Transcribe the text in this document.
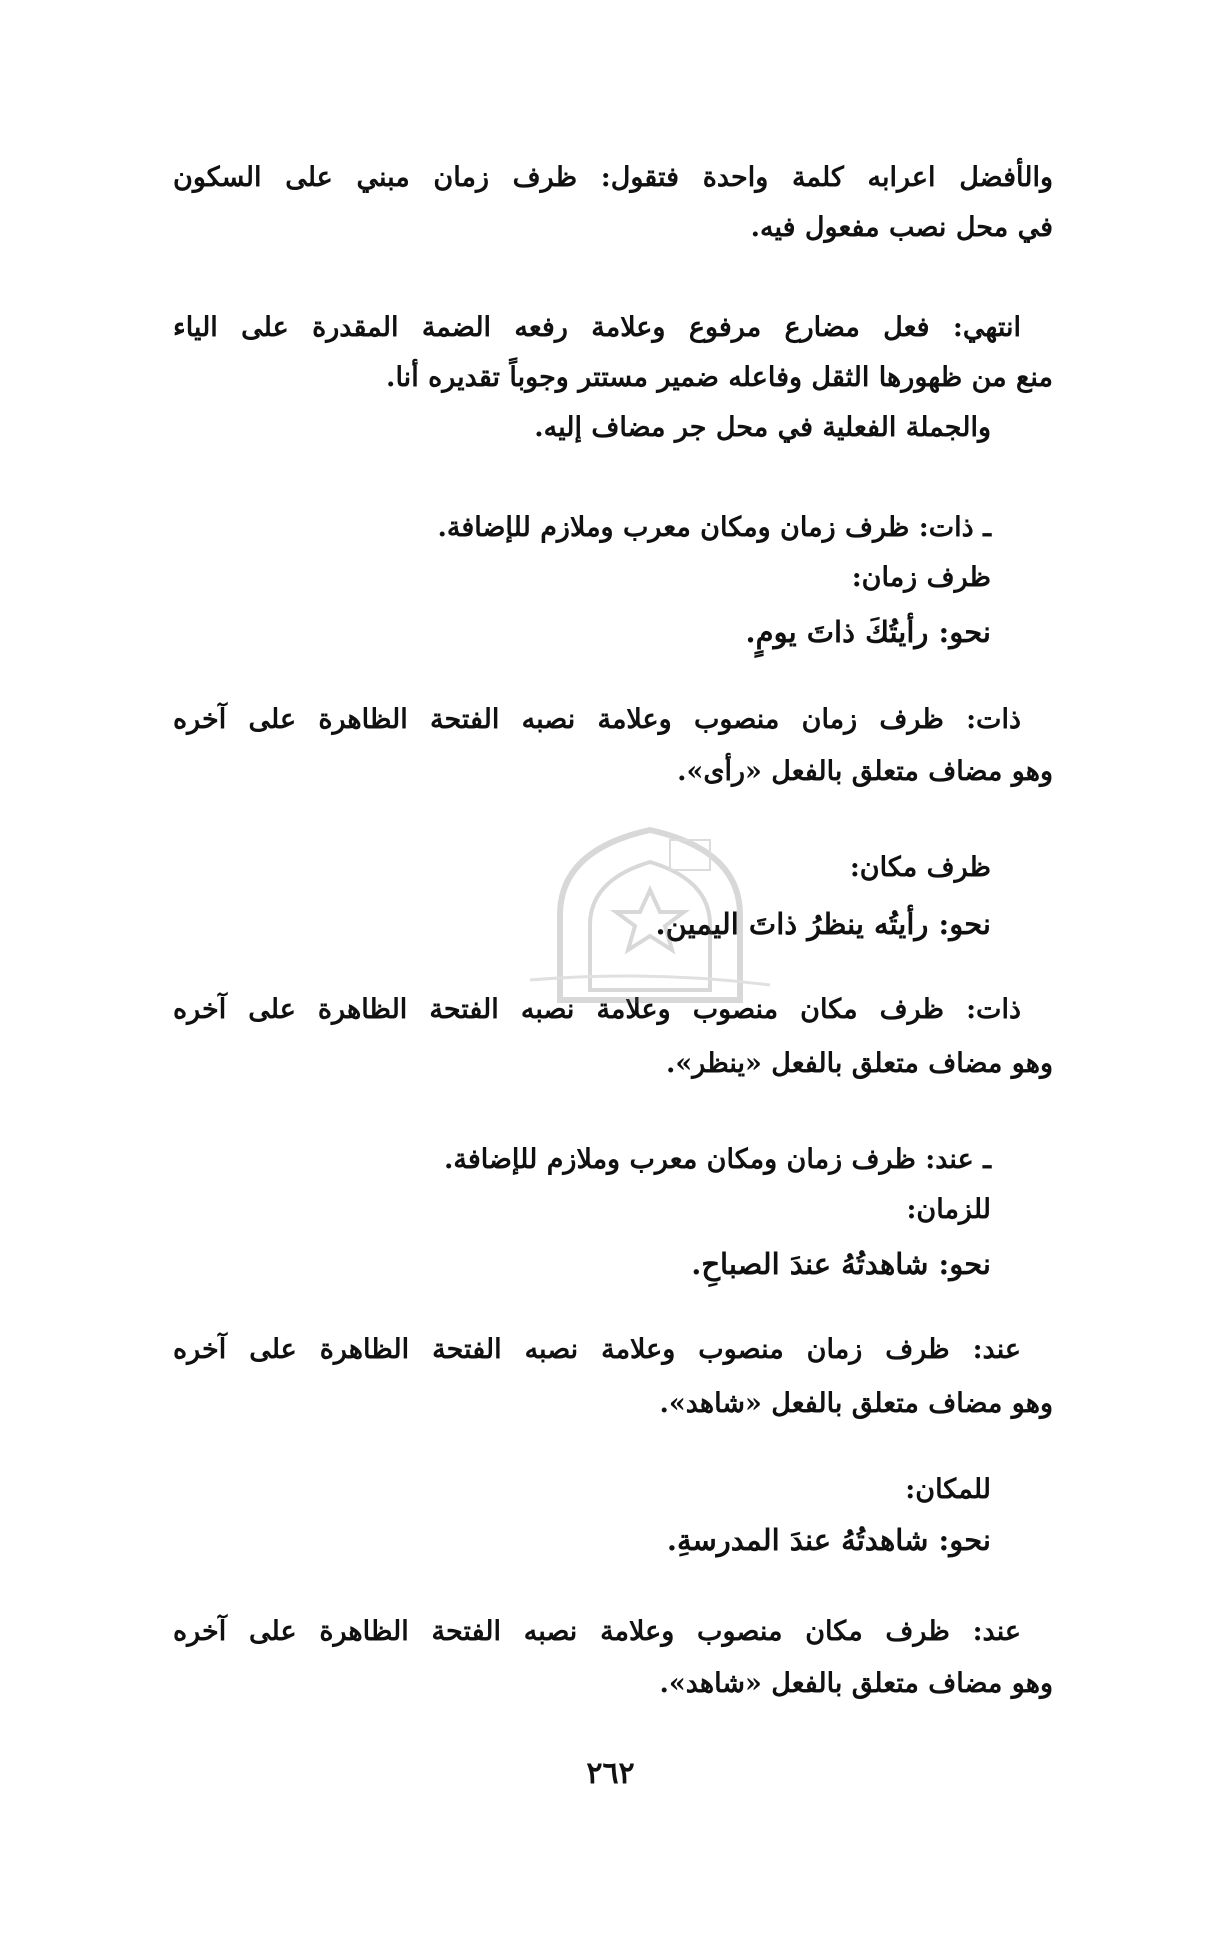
والأفضل اعرابه كلمة واحدة فتقول: ظرف زمان مبني على السكون
في محل نصب مفعول فيه.
انتهي: فعل مضارع مرفوع وعلامة رفعه الضمة المقدرة على الياء
منع من ظهورها الثقل وفاعله ضمير مستتر وجوباً تقديره أنا.
والجملة الفعلية في محل جر مضاف إليه.
ـ ذات: ظرف زمان ومكان معرب وملازم للإضافة.
ظرف زمان:
نحو: رأيتُكَ ذاتَ يومٍ.
ذات: ظرف زمان منصوب وعلامة نصبه الفتحة الظاهرة على آخره
وهو مضاف متعلق بالفعل «رأى».
ظرف مكان:
نحو: رأيتُه ينظرُ ذاتَ اليمين.
ذات: ظرف مكان منصوب وعلامة نصبه الفتحة الظاهرة على آخره
وهو مضاف متعلق بالفعل «ينظر».
ـ عند: ظرف زمان ومكان معرب وملازم للإضافة.
للزمان:
نحو: شاهدتُهُ عندَ الصباحِ.
عند: ظرف زمان منصوب وعلامة نصبه الفتحة الظاهرة على آخره
وهو مضاف متعلق بالفعل «شاهد».
للمكان:
نحو: شاهدتُهُ عندَ المدرسةِ.
عند: ظرف مكان منصوب وعلامة نصبه الفتحة الظاهرة على آخره
وهو مضاف متعلق بالفعل «شاهد».
٢٦٢
